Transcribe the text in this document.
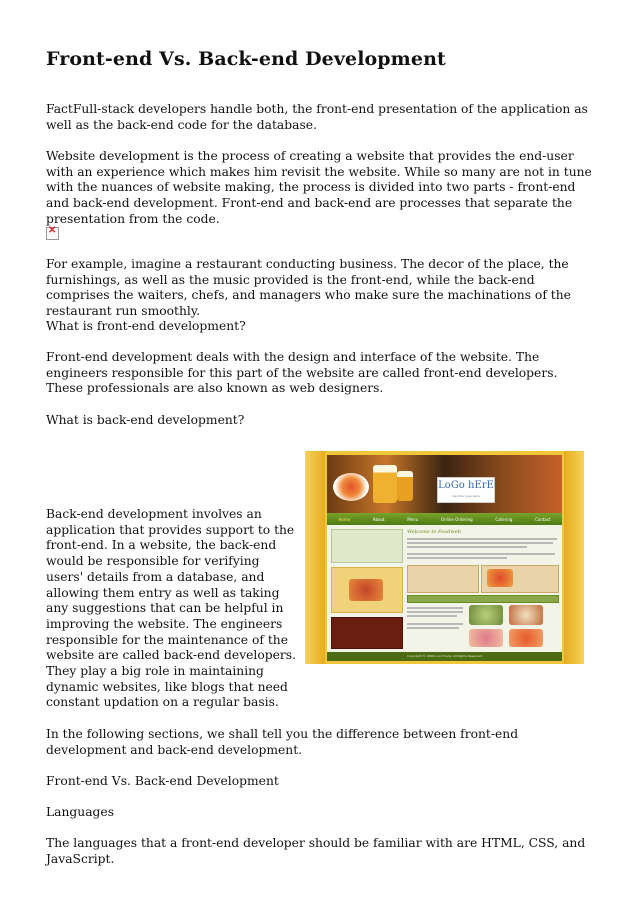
Front-end Vs. Back-end Development

FactFull-stack developers handle both, the front-end presentation of the application as well as the back-end code for the database.

Website development is the process of creating a website that provides the end-user with an experience which makes him revisit the website. While so many are not in tune with the nuances of website making, the process is divided into two parts - front-end and back-end development. Front-end and back-end are processes that separate the presentation from the code.

✕

For example, imagine a restaurant conducting business. The decor of the place, the furnishings, as well as the music provided is the front-end, while the back-end comprises the waiters, chefs, and managers who make sure the machinations of the restaurant run smoothly.

What is front-end development?

Front-end development deals with the design and interface of the website. The engineers responsible for this part of the website are called front-end developers. These professionals are also known as web designers.

What is back-end development?

Back-end development involves an application that provides support to the front-end. In a website, the back-end would be responsible for verifying users' details from a database, and allowing them entry as well as taking any suggestions that can be helpful in improving the website. The engineers responsible for the maintenance of the website are called back-end developers. They play a big role in maintaining dynamic websites, like blogs that need constant updation on a regular basis.

LoGo hErE
tag line goes here
Home	About	Menu	Online Ordering	Catering	Contact
Welcome to Foodweb
Copyright © 2009 Lolo Foody. All Rights Reserved

In the following sections, we shall tell you the difference between front-end development and back-end development.

Front-end Vs. Back-end Development

Languages

The languages that a front-end developer should be familiar with are HTML, CSS, and JavaScript.
